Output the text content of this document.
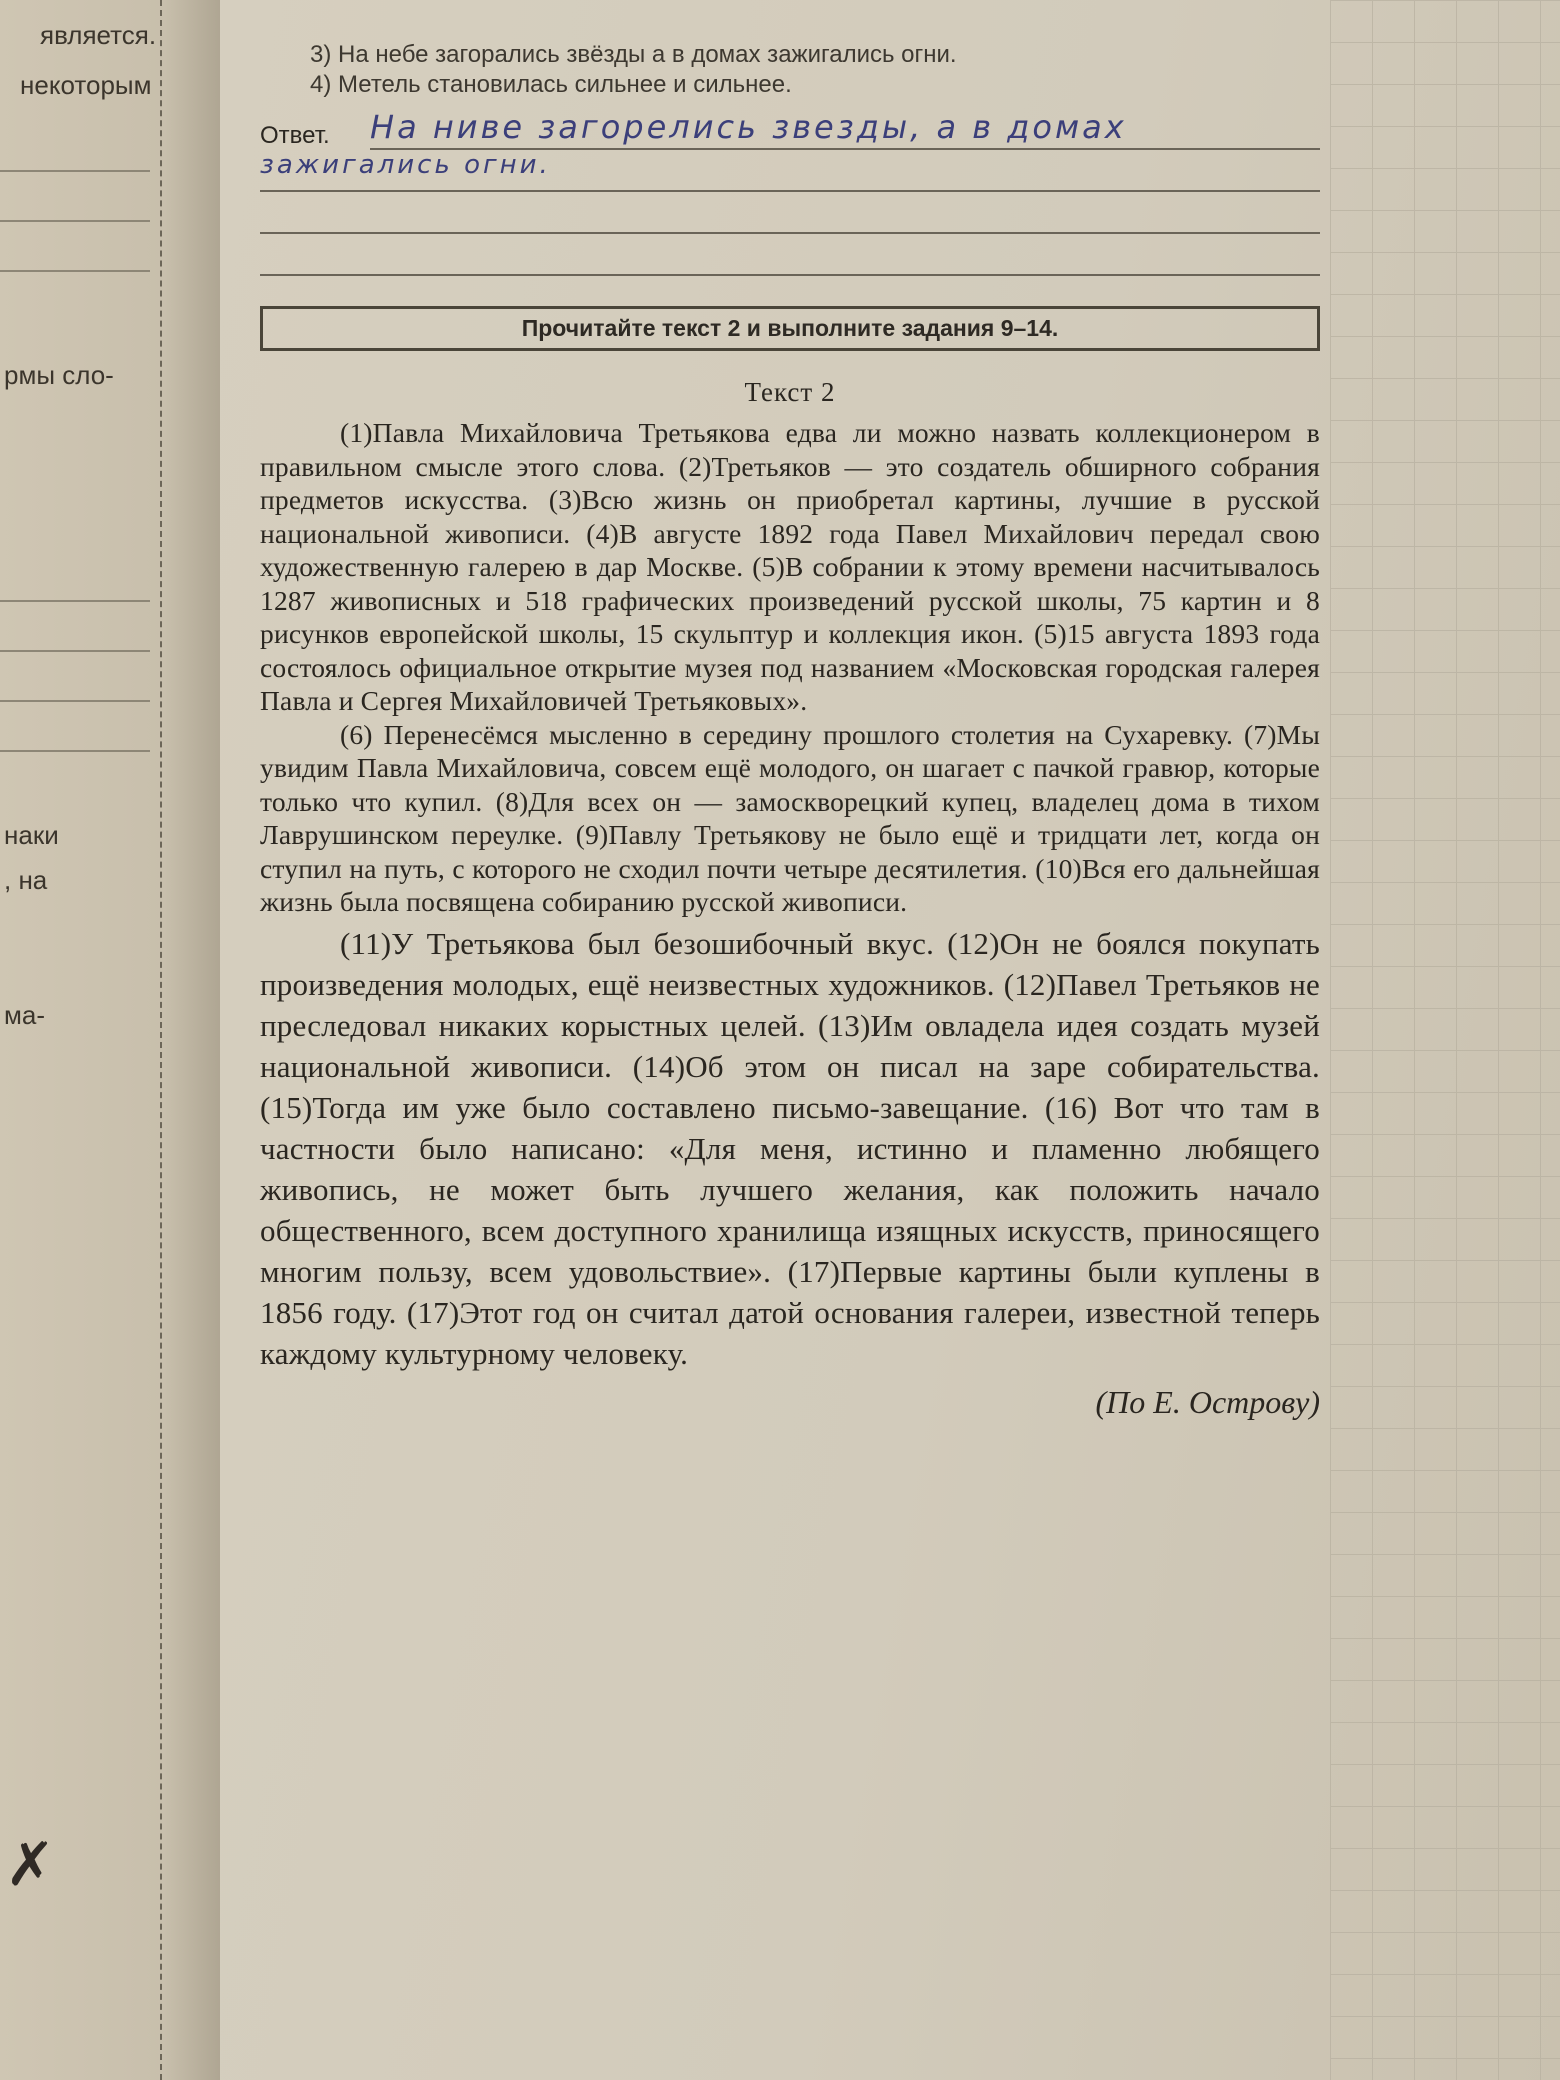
является.
некоторым
рмы сло-
наки
, на
ма-
✗
3) На небе загорались звёзды а в домах зажигались огни.
4) Метель становилась сильнее и сильнее.
Ответ.	На ниве загорелись звезды, а в домах
зажигались огни.
Прочитайте текст 2 и выполните задания 9–14.
Текст 2

(1)Павла Михайловича Третьякова едва ли можно назвать коллекционером в правильном смысле этого слова. (2)Третьяков — это создатель обширного собрания предметов искусства. (3)Всю жизнь он приобретал картины, лучшие в русской национальной живописи. (4)В августе 1892 года Павел Михайлович передал свою художественную галерею в дар Москве. (5)В собрании к этому времени насчитывалось 1287 живописных и 518 графических произведений русской школы, 75 картин и 8 рисунков европейской школы, 15 скульптур и коллекция икон. (5)15 августа 1893 года состоялось официальное открытие музея под названием «Московская городская галерея Павла и Сергея Михайловичей Третьяковых».

(6) Перенесёмся мысленно в середину прошлого столетия на Сухаревку. (7)Мы увидим Павла Михайловича, совсем ещё молодого, он шагает с пачкой гравюр, которые только что купил. (8)Для всех он — замоскворецкий купец, владелец дома в тихом Лаврушинском переулке. (9)Павлу Третьякову не было ещё и тридцати лет, когда он ступил на путь, с которого не сходил почти четыре десятилетия. (10)Вся его дальнейшая жизнь была посвящена собиранию русской живописи.

(11)У Третьякова был безошибочный вкус. (12)Он не боялся покупать произведения молодых, ещё неизвестных художников. (12)Павел Третьяков не преследовал никаких корыстных целей. (13)Им овладела идея создать музей национальной живописи. (14)Об этом он писал на заре собирательства. (15)Тогда им уже было составлено письмо-завещание. (16) Вот что там в частности было написано: «Для меня, истинно и пламенно любящего живопись, не может быть лучшего желания, как положить начало общественного, всем доступного хранилища изящных искусств, приносящего многим пользу, всем удовольствие». (17)Первые картины были куплены в 1856 году. (17)Этот год он считал датой основания галереи, известной теперь каждому культурному человеку.

(По Е. Острову)
